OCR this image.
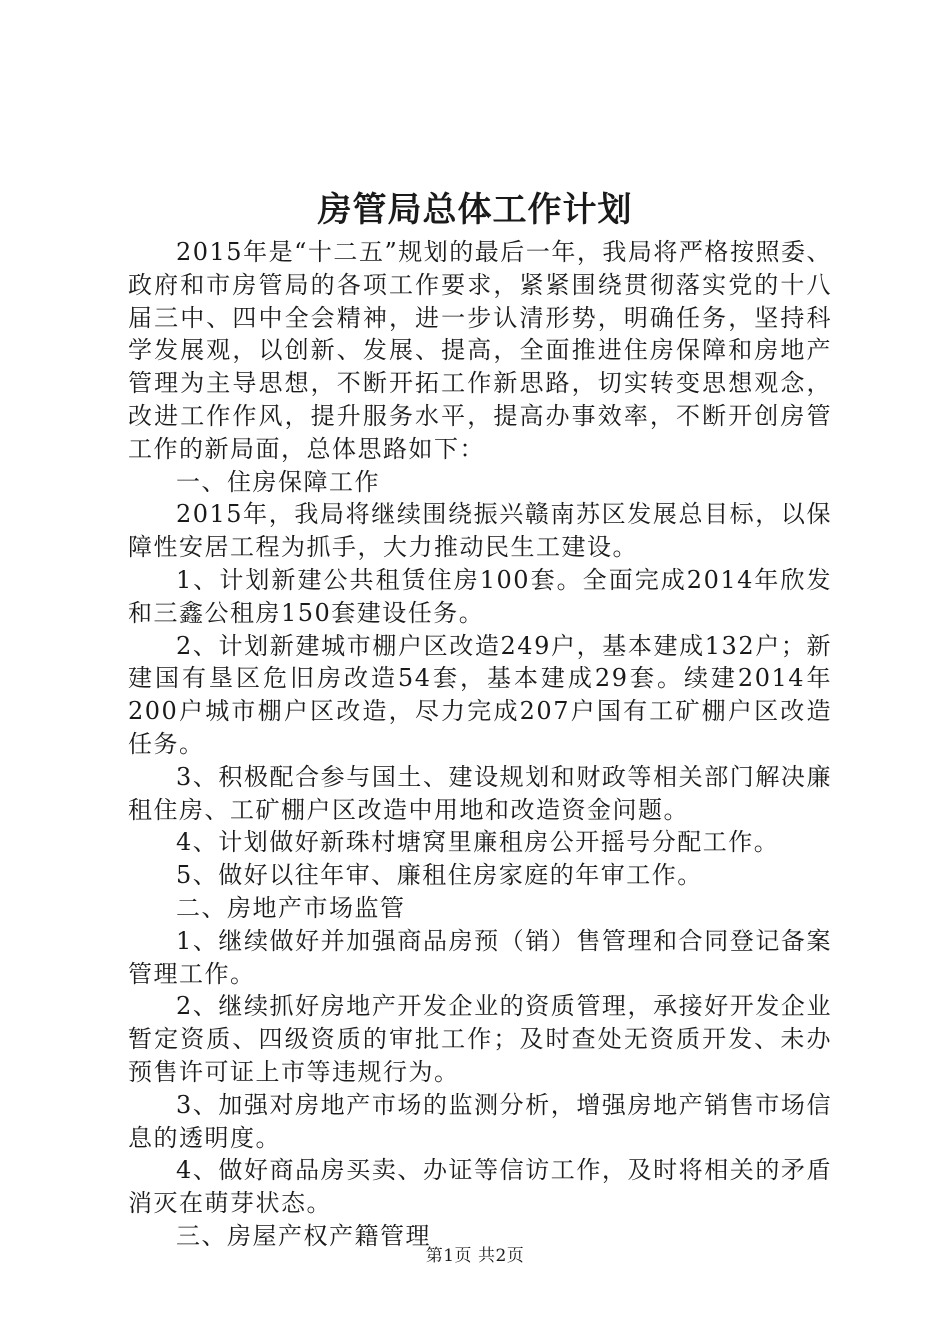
房管局总体工作计划

2015年是“十二五”规划的最后一年，我局将严格按照委、政府和市房管局的各项工作要求，紧紧围绕贯彻落实党的十八届三中、四中全会精神，进一步认清形势，明确任务，坚持科学发展观，以创新、发展、提高，全面推进住房保障和房地产管理为主导思想，不断开拓工作新思路，切实转变思想观念，改进工作作风，提升服务水平，提高办事效率，不断开创房管工作的新局面，总体思路如下：

一、住房保障工作

2015年，我局将继续围绕振兴赣南苏区发展总目标，以保障性安居工程为抓手，大力推动民生工建设。

1、计划新建公共租赁住房100套。全面完成2014年欣发和三鑫公租房150套建设任务。

2、计划新建城市棚户区改造249户，基本建成132户；新建国有垦区危旧房改造54套，基本建成29套。续建2014年200户城市棚户区改造，尽力完成207户国有工矿棚户区改造任务。

3、积极配合参与国土、建设规划和财政等相关部门解决廉租住房、工矿棚户区改造中用地和改造资金问题。

4、计划做好新珠村塘窝里廉租房公开摇号分配工作。

5、做好以往年审、廉租住房家庭的年审工作。

二、房地产市场监管

1、继续做好并加强商品房预（销）售管理和合同登记备案管理工作。

2、继续抓好房地产开发企业的资质管理，承接好开发企业暂定资质、四级资质的审批工作；及时查处无资质开发、未办预售许可证上市等违规行为。

3、加强对房地产市场的监测分析，增强房地产销售市场信息的透明度。

4、做好商品房买卖、办证等信访工作，及时将相关的矛盾消灭在萌芽状态。

三、房屋产权产籍管理

第1页 共2页
